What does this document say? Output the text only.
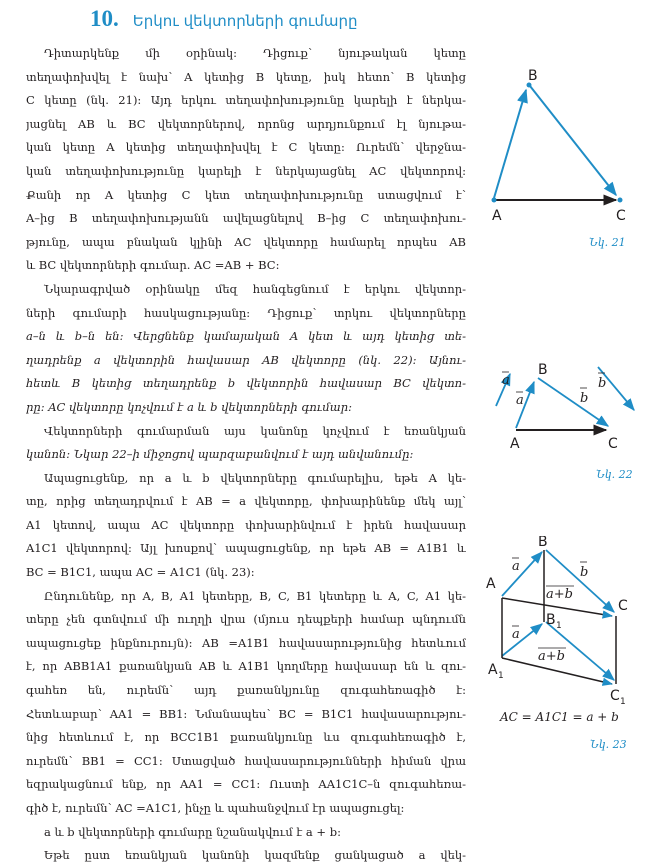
10. Երկու վեկտորների գումարը
Դիտարկենք մի օրինակ: Դիցուք՝ նյութական կետը
տեղափոխվել է նախ՝ A կետից B կետը, իսկ հետո՝ B կետից
C կետը (նկ. 21): Այդ երկու տեղափոխությունը կարելի է ներկա-
յացնել AB և BC վեկտորներով, որոնց արդյունքում էլ նյութա-
կան կետը A կետից տեղափոխվել է C կետը: Ուրեմն՝ վերջնա-
կան տեղափոխությունը կարելի է ներկայացնել AC վեկտորով:
Քանի որ A կետից C կետ տեղափոխությունը ստացվում է՝
A–ից B տեղափոխությանն ավելացնելով B–ից C տեղափոխու-
թյունը, ապա բնական կլինի AC վեկտորը համարել որպես AB
և BC վեկտորների գումար. AC =AB + BC:
Նկարագրված օրինակը մեզ հանգեցնում է երկու վեկտոր-
ների գումարի հասկացությանը: Դիցուք՝ տրկու վեկտորները
a–ն և b–ն են: Վերցնենք կամայական A կետ և այդ կետից տե-
ղադրենք a վեկտորին հավասար AB վեկտորը (նկ. 22): Այնու-
հետև B կետից տեղադրենք b վեկտորին հավասար BC վեկտո-
րը: AC վեկտորը կոչվում է a և b վեկտորների գումար:
Վեկտորների գումարման այս կանոնը կոչվում է եռանկյան
կանոն: Նկար 22–ի միջոցով պարզաբանվում է այդ անվանումը:
Ապացուցենք, որ a և b վեկտորները գումարելիս, եթե A կե-
տը, որից տեղադրվում է AB = a վեկտորը, փոխարինենք մեկ այլ՝
A1 կետով, ապա AC վեկտորը փոխարինվում է իրեն հավասար
A1C1 վեկտորով: Այլ խոսքով՝ ապացուցենք, որ եթե AB = A1B1 և
BC = B1C1, ապա AC = A1C1 (նկ. 23):
Ընդունենք, որ A, B, A1 կետերը, B, C, B1 կետերը և A, C, A1 կե-
տերը չեն գտնվում մի ուղղի վրա (մյուս դեպքերի համար պնդումն
ապացուցեք ինքնուրույն): AB =A1B1 հավասարությունից հետևում
է, որ ABB1A1 քառանկյան AB և A1B1 կողմերը հավասար են և զու-
գահեռ են, ուրեմն՝ այդ քառանկյունը զուգահեռագիծ է:
Հետևաբար՝ AA1 = BB1: Նմանապես՝ BC = B1C1 հավասարությու-
նից հետևում է, որ BCC1B1 քառանկյունը ևս զուգահեռագիծ է,
ուրեմն՝ BB1 = CC1: Ստացված հավասարությունների հիման վրա
եզրակացնում ենք, որ AA1 = CC1: Ուստի AA1C1C–ն զուգահեռա-
գիծ է, ուրեմն՝ AC =A1C1, ինչը և պահանջվում էր ապացուցել:
a և b վեկտորների գումարը նշանակվում է a + b:
Եթե ըստ եռանկյան կանոնի կազմենք ցանկացած a վեկ-
A
B
C
Նկ. 21
a	b
a	b
A
B
C
Նկ. 22
A
B
C
A 1
B 1
C 1
a	b
a+b
a
a+b
AC = A1C1 = a + b
Նկ. 23
